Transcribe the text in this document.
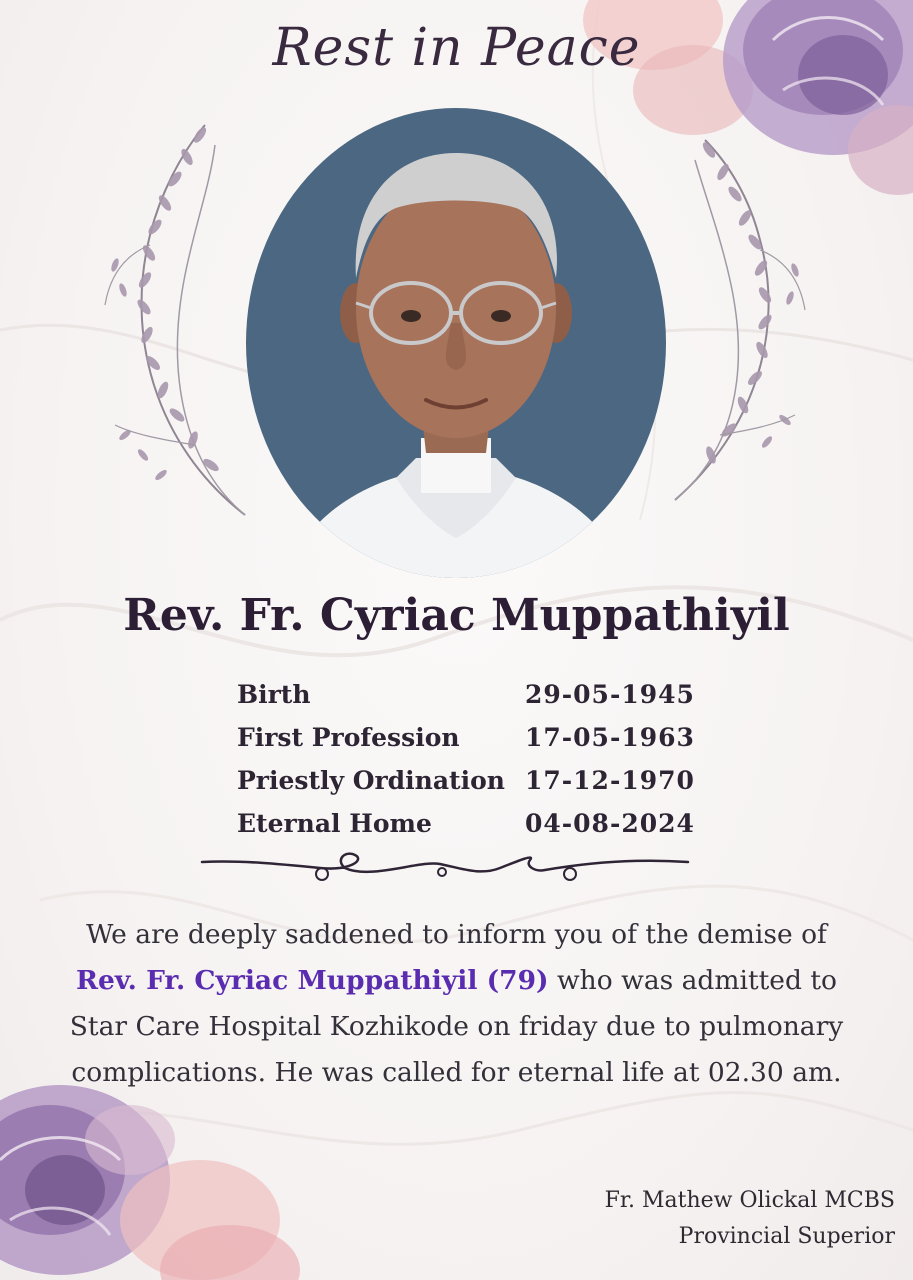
Rest in Peace
Rev. Fr. Cyriac Muppathiyil
Birth	29-05-1945
First Profession	17-05-1963
Priestly Ordination 17-12-1970
Eternal Home	04-08-2024
We are deeply saddened to inform you of the demise of
Rev. Fr. Cyriac Muppathiyil (79) who was admitted to
Star Care Hospital Kozhikode on friday due to pulmonary
complications. He was called for eternal life at 02.30 am.
Fr. Mathew Olickal MCBS
Provincial Superior
